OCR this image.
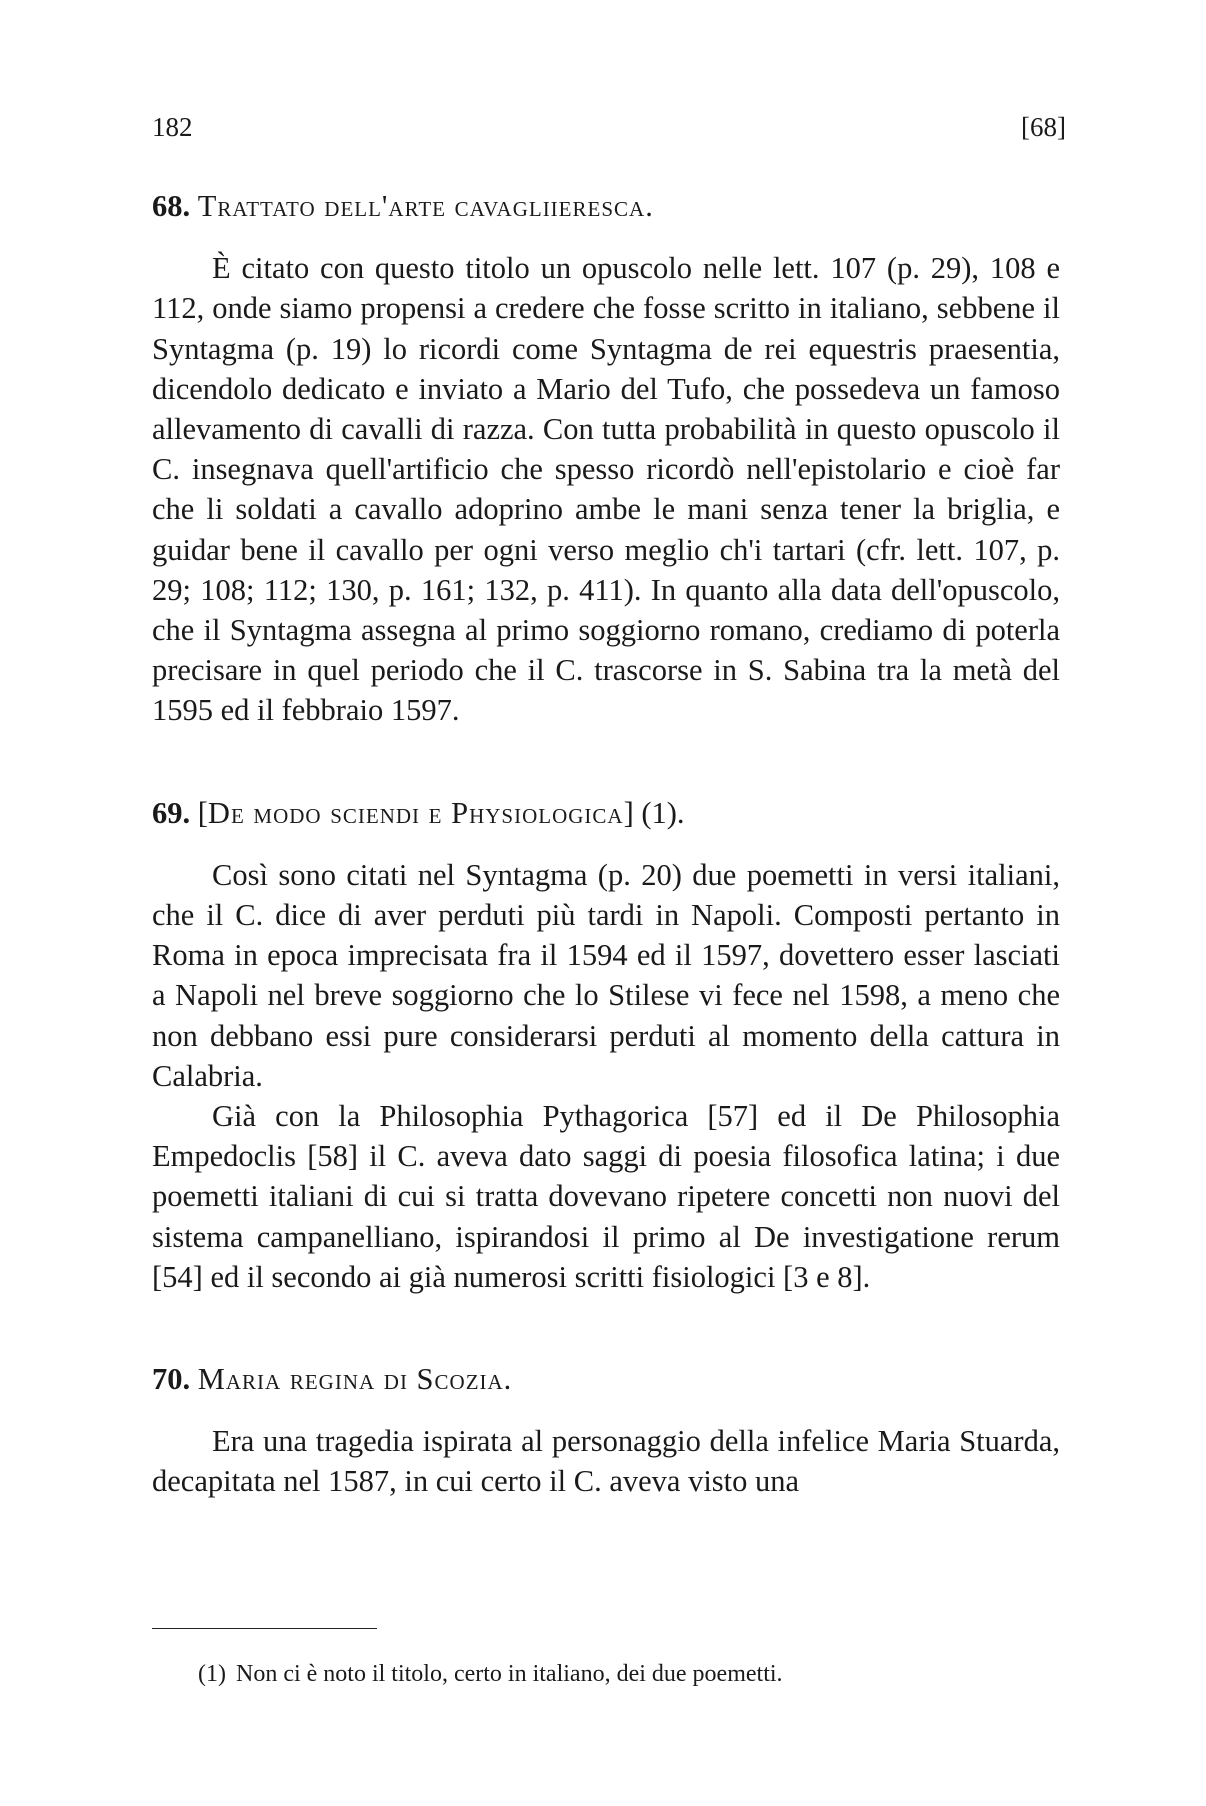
182	[68]
68. Trattato dell'arte cavagliieresca.

È citato con questo titolo un opuscolo nelle lett. 107 (p. 29), 108 e 112, onde siamo propensi a credere che fosse scritto in italiano, sebbene il Syntagma (p. 19) lo ricordi come Syntagma de rei equestris praesentia, dicendolo dedicato e inviato a Mario del Tufo, che possedeva un famoso allevamento di cavalli di razza. Con tutta probabilità in questo opuscolo il C. insegnava quell'artificio che spesso ricordò nell'epistolario e cioè far che li soldati a cavallo adoprino ambe le mani senza tener la briglia, e guidar bene il cavallo per ogni verso meglio ch'i tartari (cfr. lett. 107, p. 29; 108; 112; 130, p. 161; 132, p. 411). In quanto alla data dell'opuscolo, che il Syntagma assegna al primo soggiorno romano, crediamo di poterla precisare in quel periodo che il C. trascorse in S. Sabina tra la metà del 1595 ed il febbraio 1597.

69. [De modo sciendi e Physiologica] (1).

Così sono citati nel Syntagma (p. 20) due poemetti in versi italiani, che il C. dice di aver perduti più tardi in Napoli. Composti pertanto in Roma in epoca imprecisata fra il 1594 ed il 1597, dovettero esser lasciati a Napoli nel breve soggiorno che lo Stilese vi fece nel 1598, a meno che non debbano essi pure considerarsi perduti al momento della cattura in Calabria.

Già con la Philosophia Pythagorica [57] ed il De Philosophia Empedoclis [58] il C. aveva dato saggi di poesia filosofica latina; i due poemetti italiani di cui si tratta dovevano ripetere concetti non nuovi del sistema campanelliano, ispirandosi il primo al De investigatione rerum [54] ed il secondo ai già numerosi scritti fisiologici [3 e 8].

70. Maria regina di Scozia.

Era una tragedia ispirata al personaggio della infelice Maria Stuarda, decapitata nel 1587, in cui certo il C. aveva visto una

(1) Non ci è noto il titolo, certo in italiano, dei due poemetti.
